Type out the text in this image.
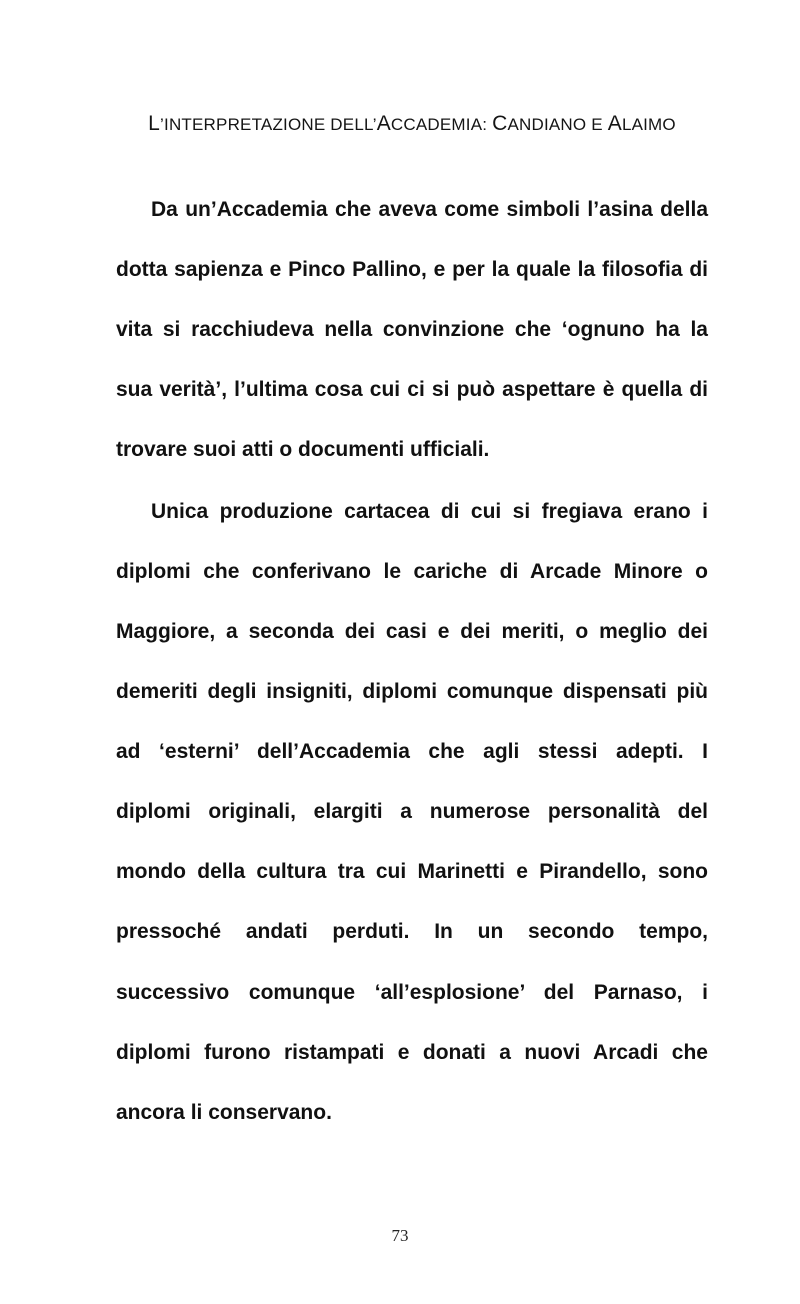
L’INTERPRETAZIONE DELL’ACCADEMIA: CANDIANO E ALAIMO
Da un’Accademia che aveva come simboli l’asina della
dotta sapienza e Pinco Pallino, e per la quale la filosofia di
vita si racchiudeva nella convinzione che ‘ognuno ha la
sua verità’, l’ultima cosa cui ci si può aspettare è quella di
trovare suoi atti o documenti ufficiali.
Unica produzione cartacea di cui si fregiava erano i
diplomi che conferivano le cariche di Arcade Minore o
Maggiore, a seconda dei casi e dei meriti, o meglio dei
demeriti degli insigniti, diplomi comunque dispensati più
ad ‘esterni’ dell’Accademia che agli stessi adepti. I
diplomi originali, elargiti a numerose personalità del
mondo della cultura tra cui Marinetti e Pirandello, sono
pressoché andati perduti. In un secondo tempo,
successivo comunque ‘all’esplosione’ del Parnaso, i
diplomi furono ristampati e donati a nuovi Arcadi che
ancora li conservano.
73
